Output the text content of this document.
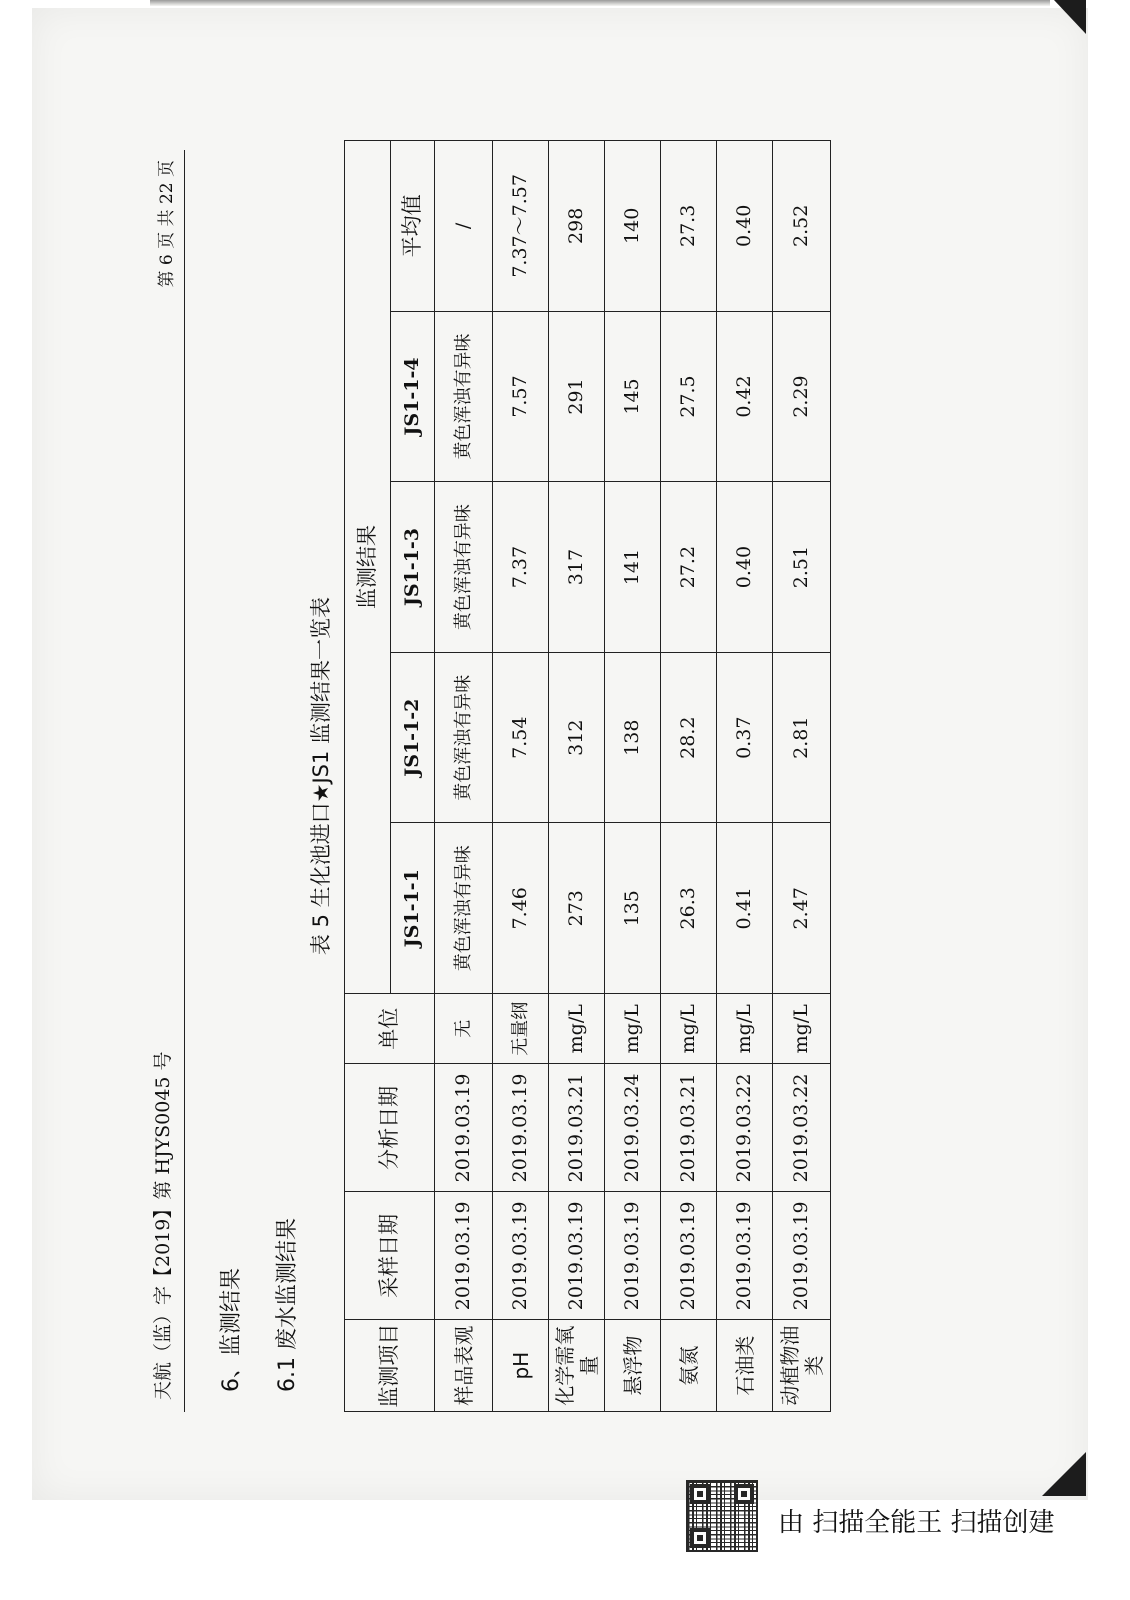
天航（监）字【2019】第 HJYS0045 号
第 6 页 共 22 页
6、监测结果 6.1 废水监测结果
表 5 生化池进口★JS1 监测结果一览表
监测项目	采样日期	分析日期	单位	监测结果				
				JS1-1-1	JS1-1-2	JS1-1-3	JS1-1-4	平均值
样品表观	2019.03.19	2019.03.19	无	黄色浑浊有异味	黄色浑浊有异味	黄色浑浊有异味	黄色浑浊有异味	/
pH	2019.03.19	2019.03.19	无量纲	7.46	7.54	7.37	7.57	7.37～7.57
化学需氧量	2019.03.19	2019.03.21	mg/L	273	312	317	291	298
悬浮物	2019.03.19	2019.03.24	mg/L	135	138	141	145	140
氨氮	2019.03.19	2019.03.21	mg/L	26.3	28.2	27.2	27.5	27.3
石油类	2019.03.19	2019.03.22	mg/L	0.41	0.37	0.40	0.42	0.40
动植物油类	2019.03.19	2019.03.22	mg/L	2.47	2.81	2.51	2.29	2.52
由 扫描全能王 扫描创建
